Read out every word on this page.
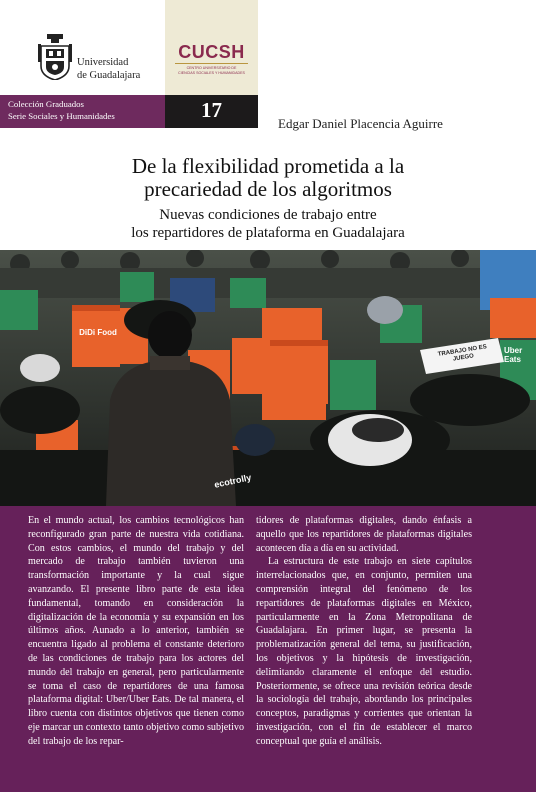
Universidad
de Guadalajara
CUCSH
CENTRO UNIVERSITARIO DE
CIENCIAS SOCIALES Y HUMANIDADES
Colección Graduados
Serie Sociales y Humanidades	17
Edgar Daniel Placencia Aguirre
De la flexibilidad prometida a la
precariedad de los algoritmos
Nuevas condiciones de trabajo entre
los repartidores de plataforma en Guadalajara
DiDi Food
Uber Eats
ecotrolly
TRABAJO NO ES JUEGO

En el mundo actual, los cambios tecnológicos han reconfigurado gran parte de nuestra vida cotidiana. Con estos cambios, el mundo del trabajo y del mercado de trabajo también tuvieron una transformación importante y la cual sigue avanzando. El presente libro parte de esta idea fundamental, tomando en consideración la digitalización de la economía y su expansión en los últimos años. Aunado a lo anterior, también se encuentra ligado al problema el constante deterioro de las condiciones de trabajo para los actores del mundo del trabajo en general, pero particularmente se toma el caso de repartidores de una famosa plataforma digital: Uber/Uber Eats. De tal manera, el libro cuenta con distintos objetivos que tienen como eje marcar un contexto tanto objetivo como subjetivo del trabajo de los repar-

tidores de plataformas digitales, dando énfasis a aquello que los repartidores de plataformas digitales acontecen día a día en su actividad.

La estructura de este trabajo en siete capítulos interrelacionados que, en conjunto, permiten una comprensión integral del fenómeno de los repartidores de plataformas digitales en México, particularmente en la Zona Metropolitana de Guadalajara. En primer lugar, se presenta la problematización general del tema, su justificación, los objetivos y la hipótesis de investigación, delimitando claramente el enfoque del estudio. Posteriormente, se ofrece una revisión teórica desde la sociología del trabajo, abordando los principales conceptos, paradigmas y corrientes que orientan la investigación, con el fin de establecer el marco conceptual que guía el análisis.
